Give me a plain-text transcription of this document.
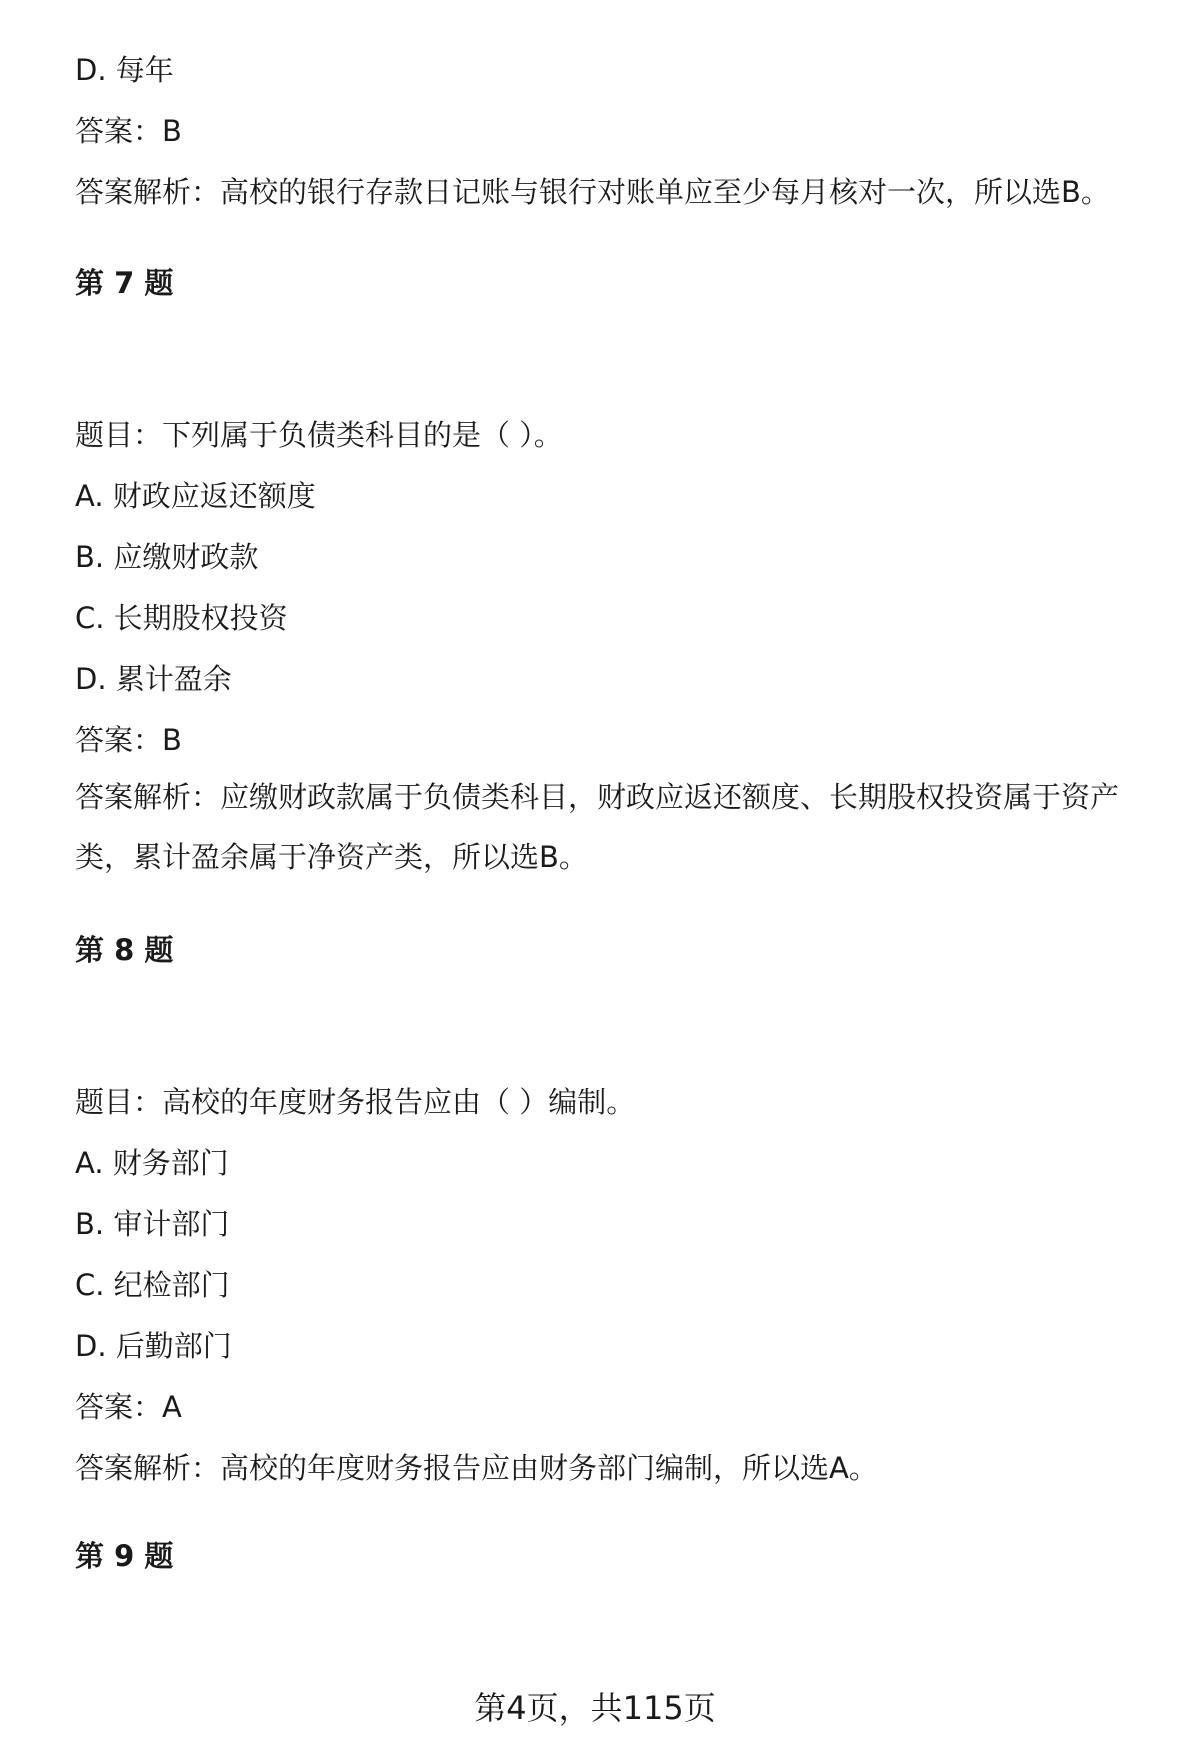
D. 每年
答案：B
答案解析：高校的银行存款日记账与银行对账单应至少每月核对一次，所以选B。
第 7 题
题目：下列属于负债类科目的是（ ）。
A. 财政应返还额度
B. 应缴财政款
C. 长期股权投资
D. 累计盈余
答案：B
答案解析：应缴财政款属于负债类科目，财政应返还额度、长期股权投资属于资产类，累计盈余属于净资产类，所以选B。
第 8 题
题目：高校的年度财务报告应由（ ）编制。
A. 财务部门
B. 审计部门
C. 纪检部门
D. 后勤部门
答案：A
答案解析：高校的年度财务报告应由财务部门编制，所以选A。
第 9 题
第4页，共115页
